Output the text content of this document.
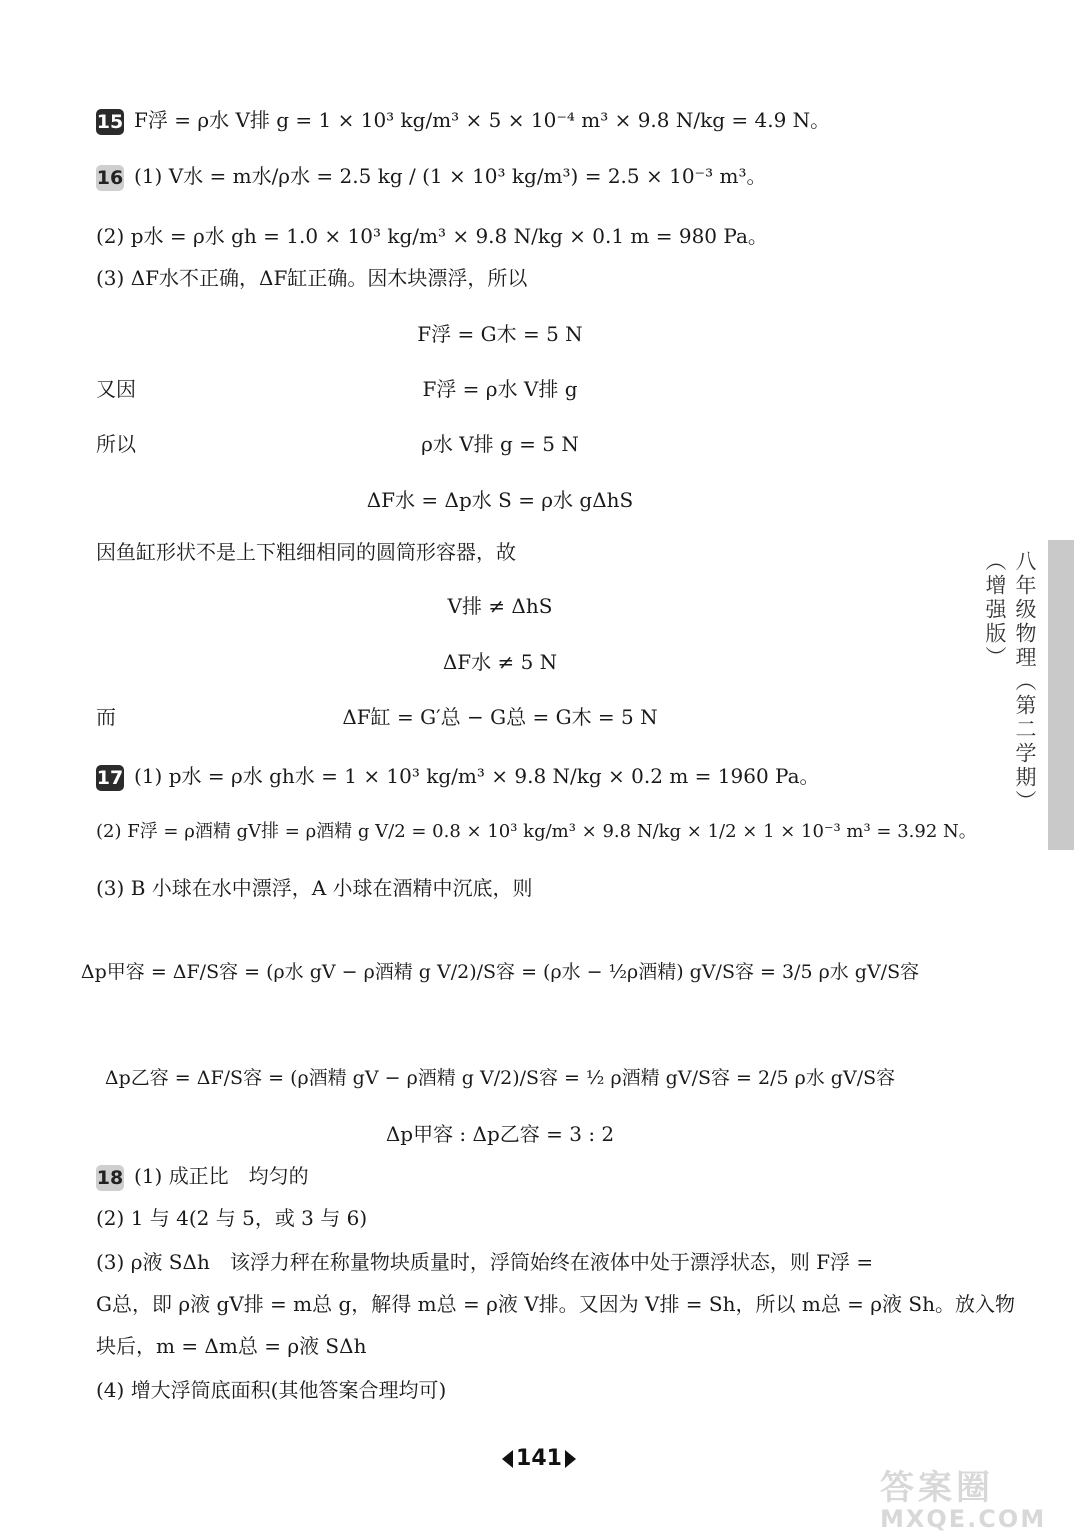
八年级物理（第二学期）（增强版）
15 F浮 = ρ水 V排 g = 1 × 10³ kg/m³ × 5 × 10⁻⁴ m³ × 9.8 N/kg = 4.9 N。
16 (1) V水 = m水/ρ水 = 2.5 kg / (1 × 10³ kg/m³) = 2.5 × 10⁻³ m³。
(2) p水 = ρ水 gh = 1.0 × 10³ kg/m³ × 9.8 N/kg × 0.1 m = 980 Pa。
(3) ΔF水不正确，ΔF缸正确。因木块漂浮，所以
F浮 = G木 = 5 N
又因	F浮 = ρ水 V排 g
所以	ρ水 V排 g = 5 N
ΔF水 = Δp水 S = ρ水 gΔhS
因鱼缸形状不是上下粗细相同的圆筒形容器，故
V排 ≠ ΔhS
ΔF水 ≠ 5 N
而	ΔF缸 = G′总 − G总 = G木 = 5 N
17 (1) p水 = ρ水 gh水 = 1 × 10³ kg/m³ × 9.8 N/kg × 0.2 m = 1960 Pa。
(2) F浮 = ρ酒精 gV排 = ρ酒精 g V/2 = 0.8 × 10³ kg/m³ × 9.8 N/kg × 1/2 × 1 × 10⁻³ m³ = 3.92 N。
(3) B 小球在水中漂浮，A 小球在酒精中沉底，则
Δp甲容 = ΔF/S容 = (ρ水 gV − ρ酒精 g V/2)/S容 = (ρ水 − ½ρ酒精) gV/S容 = 3/5 ρ水 gV/S容
Δp乙容 = ΔF/S容 = (ρ酒精 gV − ρ酒精 g V/2)/S容 = ½ ρ酒精 gV/S容 = 2/5 ρ水 gV/S容
Δp甲容 : Δp乙容 = 3 : 2
18 (1) 成正比　均匀的
(2) 1 与 4(2 与 5，或 3 与 6)
(3) ρ液 SΔh　该浮力秤在称量物块质量时，浮筒始终在液体中处于漂浮状态，则 F浮 =
G总，即 ρ液 gV排 = m总 g，解得 m总 = ρ液 V排。又因为 V排 = Sh，所以 m总 = ρ液 Sh。放入物
块后，m = Δm总 = ρ液 SΔh
(4) 增大浮筒底面积(其他答案合理均可)
141
答案圈
MXQE.COM
